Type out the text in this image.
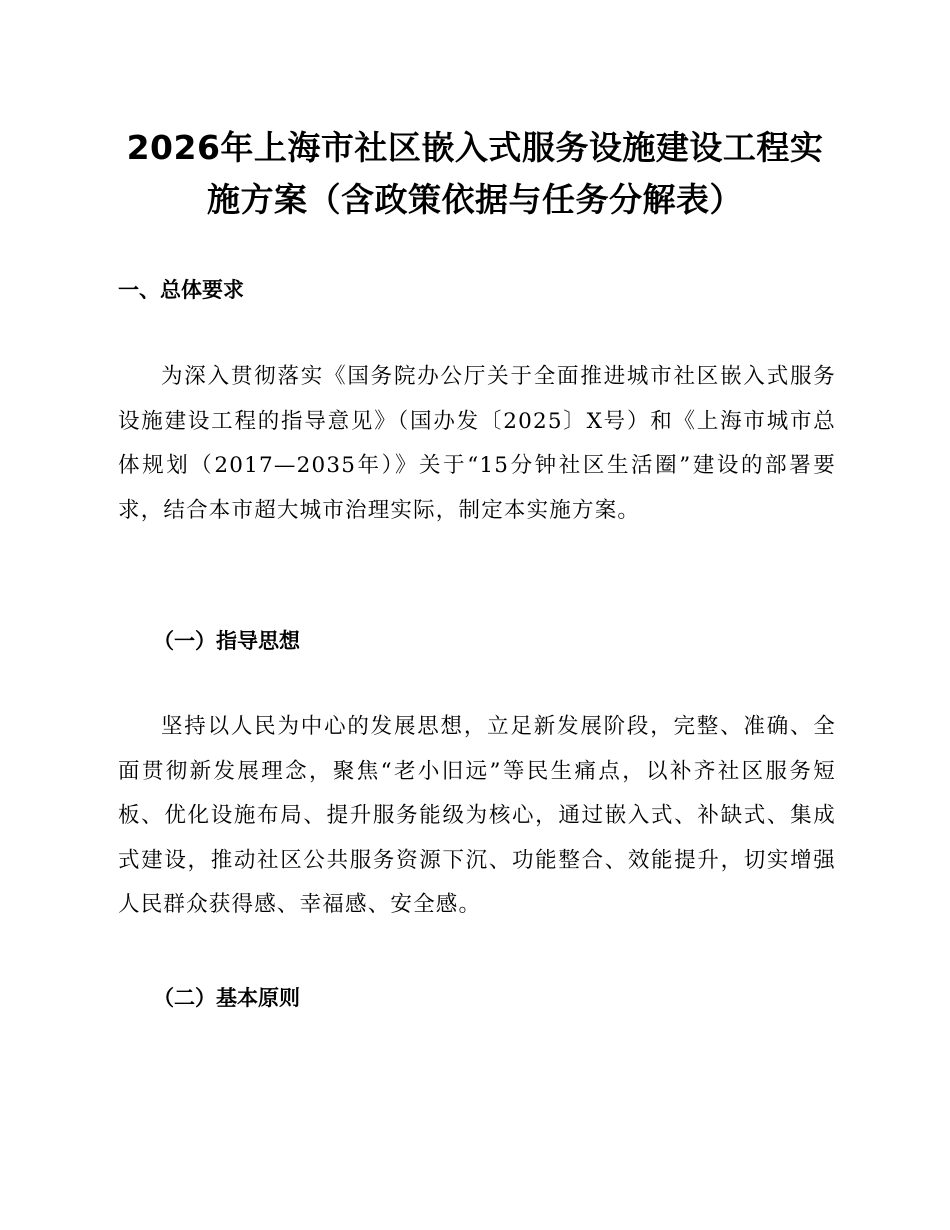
2026年上海市社区嵌入式服务设施建设工程实施方案（含政策依据与任务分解表）
一、总体要求

为深入贯彻落实《国务院办公厅关于全面推进城市社区嵌入式服务设施建设工程的指导意见》（国办发〔2025〕X号）和《上海市城市总体规划（2017—2035年）》关于“15分钟社区生活圈”建设的部署要求，结合本市超大城市治理实际，制定本实施方案。

（一）指导思想

坚持以人民为中心的发展思想，立足新发展阶段，完整、准确、全面贯彻新发展理念，聚焦“老小旧远”等民生痛点，以补齐社区服务短板、优化设施布局、提升服务能级为核心，通过嵌入式、补缺式、集成式建设，推动社区公共服务资源下沉、功能整合、效能提升，切实增强人民群众获得感、幸福感、安全感。

（二）基本原则
